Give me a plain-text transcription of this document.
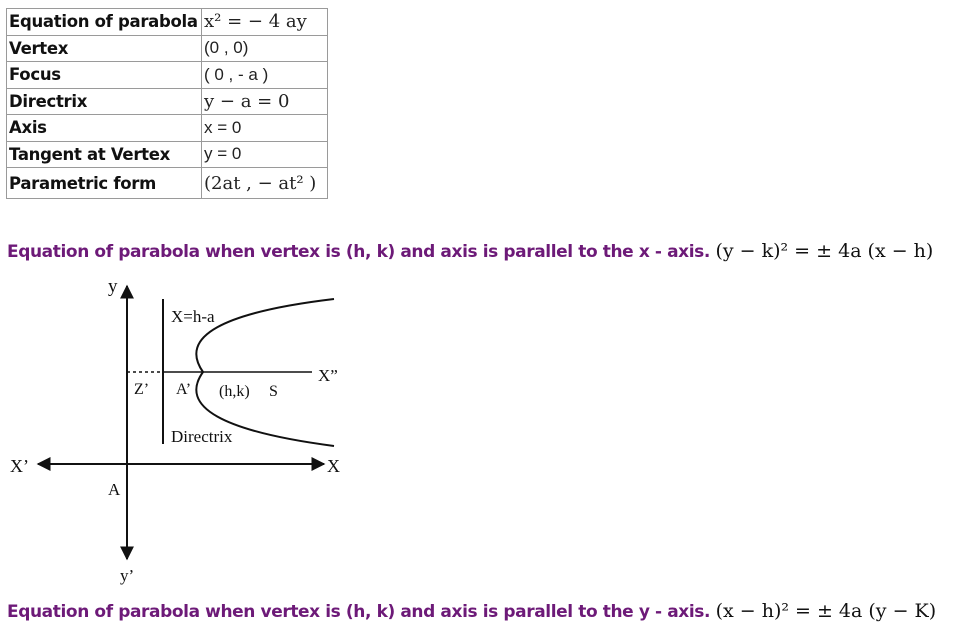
Equation of parabola	x² = − 4 ay
Vertex	(0 , 0)
Focus	( 0 , - a )
Directrix	y − a = 0
Axis	x = 0
Tangent at Vertex	y = 0
Parametric form	(2at , − at² )
Equation of parabola when vertex is (h, k) and axis is parallel to the x - axis. (y − k)² = ± 4a (x − h)
y
y’
X
X’
A
X=h-a
X”
Z’ A’ (h,k) S
Directrix
Equation of parabola when vertex is (h, k) and axis is parallel to the y - axis. (x − h)² = ± 4a (y − K)
